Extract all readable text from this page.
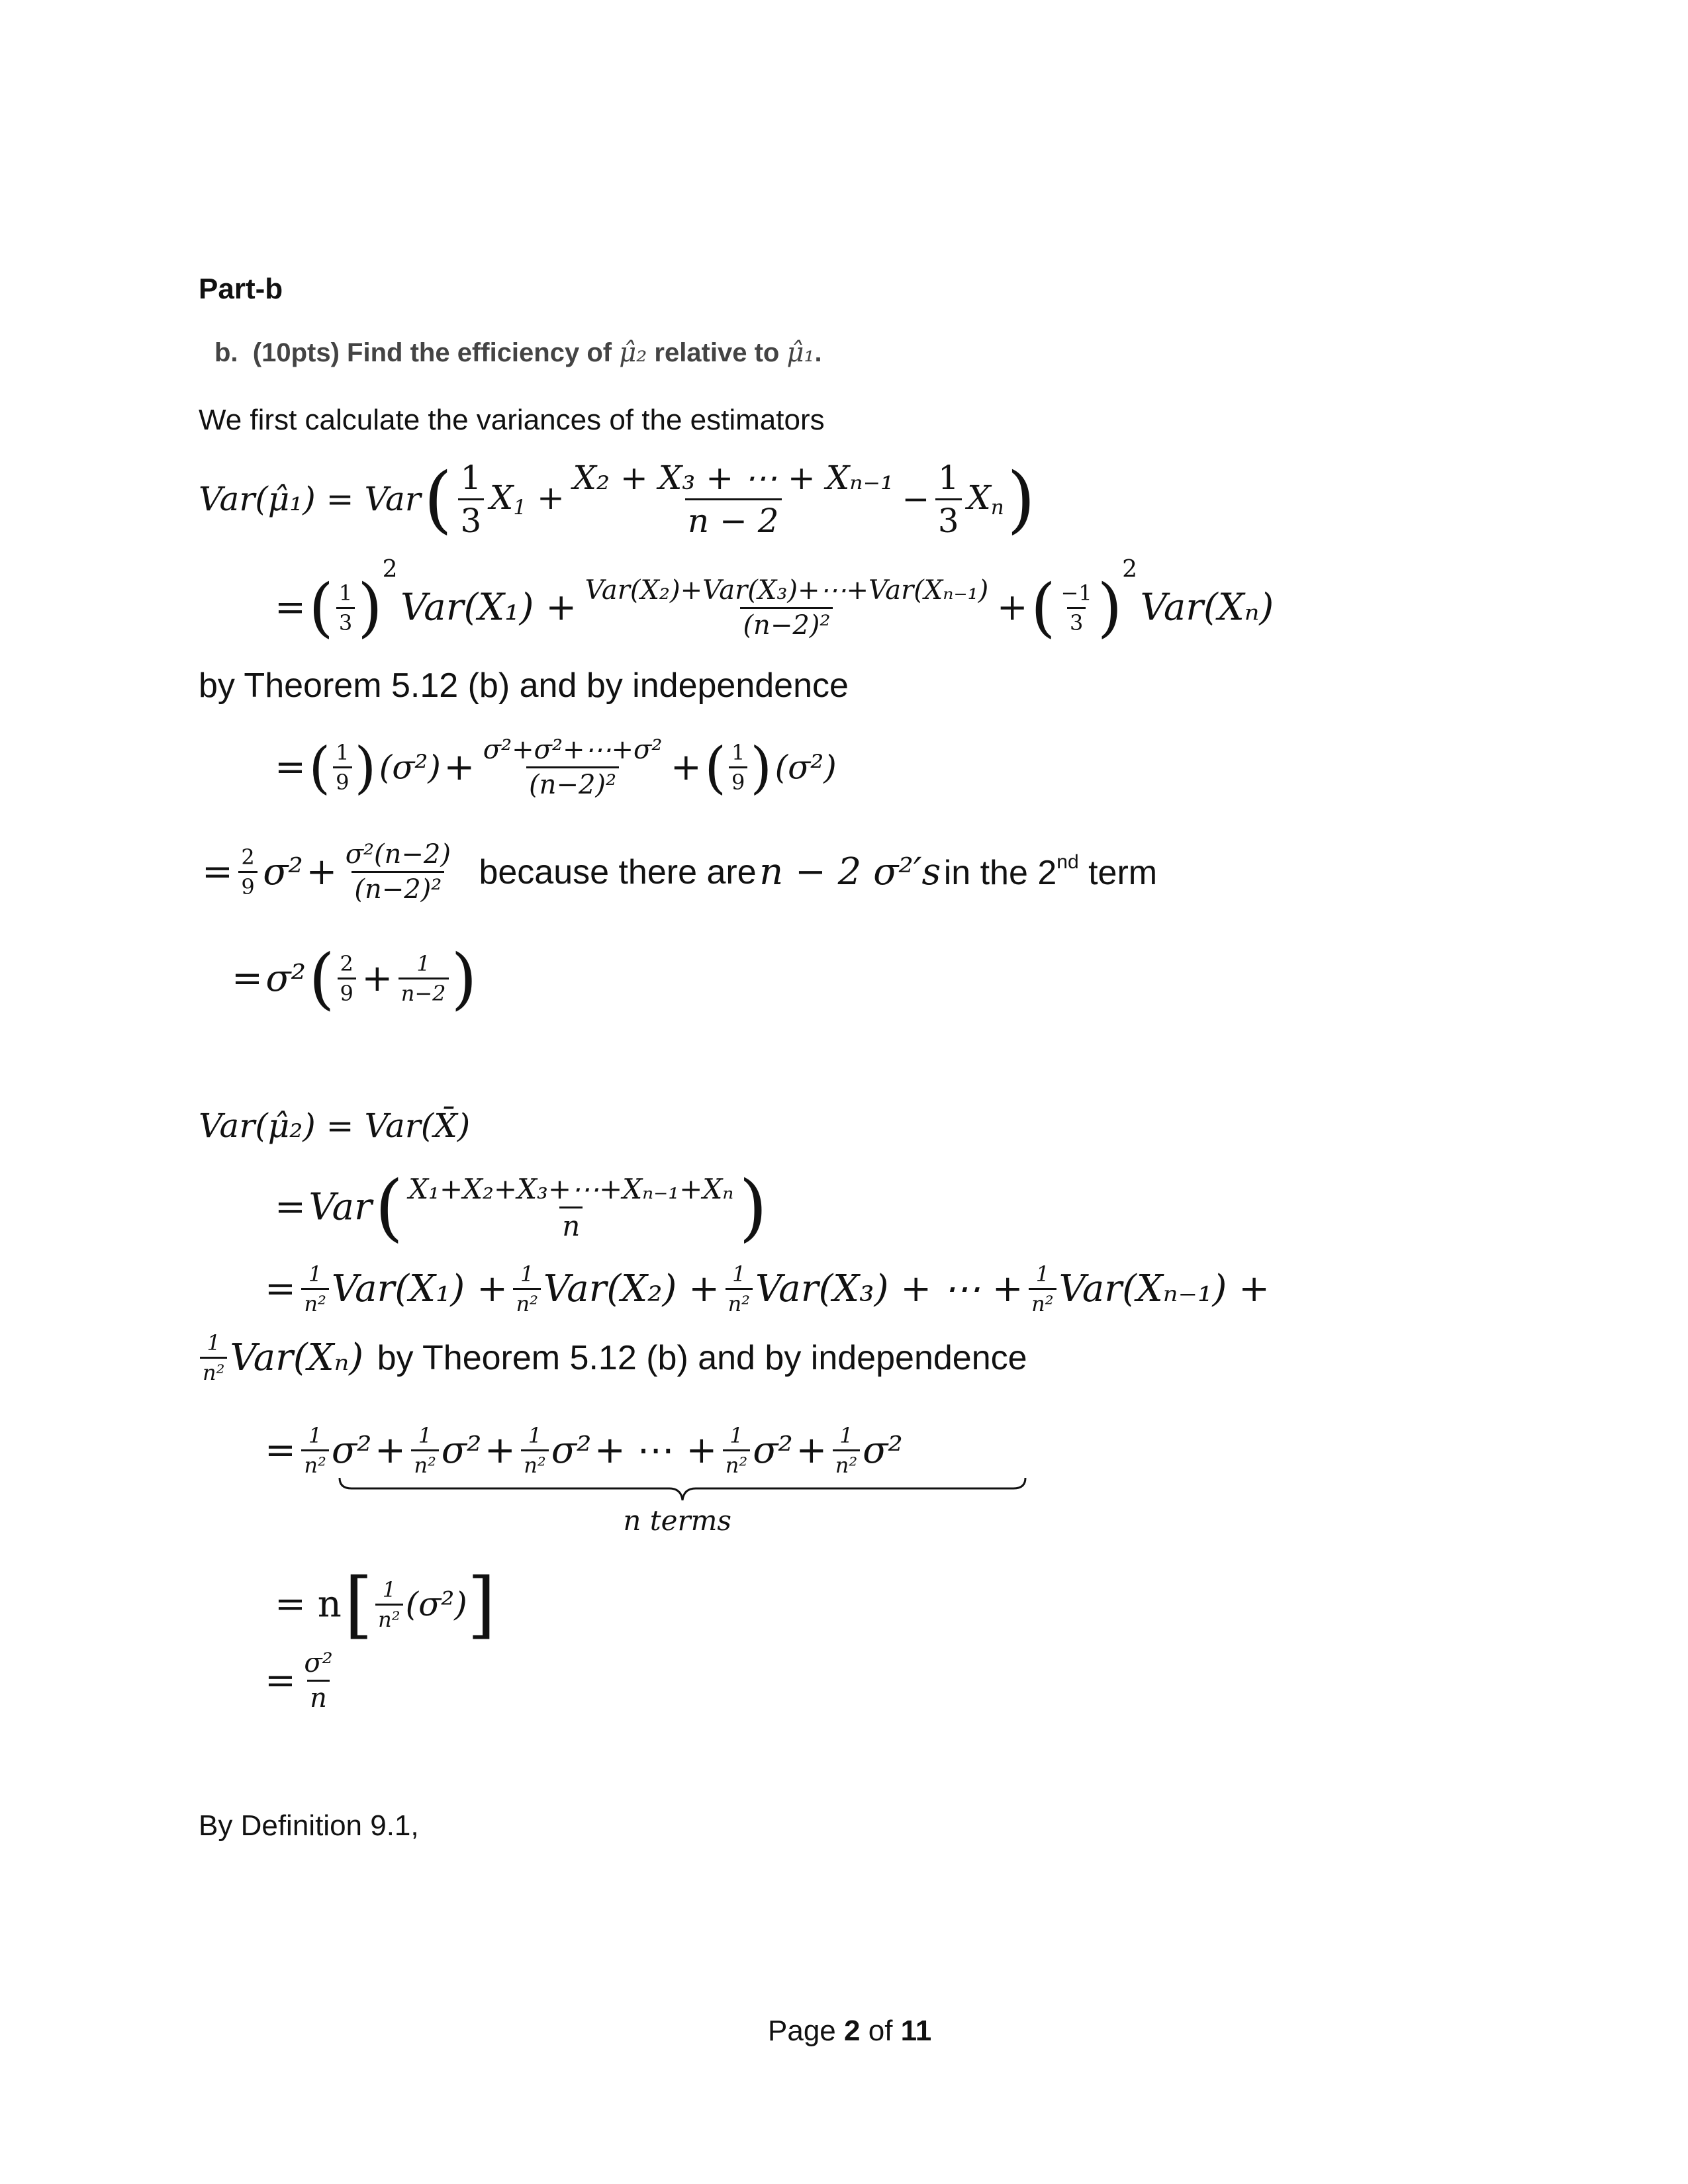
Part-b
b. (10pts) Find the efficiency of μ̂₂ relative to μ̂₁.
We first calculate the variances of the estimators
Var(μ̂₁) = Var ( $\frac{1}{3} X_1 + \frac{\text{X₂ + X₃ + ⋯ + Xₙ₋₁}}{n - 2} - \frac{1}{3} X_n$ )
= ( $\frac{1}{3} )^2$ $Var(X_1) + \frac{\text{Var(X₂)+Var(X₃)+⋯+Var(Xₙ₋₁)}}{\text{(n−2)²}}$ + ( $\frac{-1}{3} )^2$ Var(Xₙ)
by Theorem 5.12 (b) and by independence
= ( $\frac{1}{9}$ ) $(\sigma^2) + \frac{\text{σ²+σ²+⋯+σ²}}{\text{(n−2)²}}$ + ( $\frac{1}{9}$ ) (σ²)
= $\frac{2}{9} \sigma^2 + \frac{\text{σ²(n−2)}}{\text{(n−2)²}}$ because there are n − 2 σ²′s in the 2nd term
= σ² ( $\frac{2}{9} + \frac{1}{n-2}$ )
Var(μ̂₂) = Var(X̄)
= Var ( $\frac{\text{X₁+X₂+X₃+⋯+Xₙ₋₁+Xₙ}}{n}$ )
= $\frac{1}{\text{n²}} Var(X_1) + \frac{1}{\text{n²}} Var(X_2) + \frac{1}{\text{n²}} Var(X_3)$ + ⋯ + $\frac{1}{\text{n²}} Var(X_{n-1})$ +
$\frac{1}{\text{n²}} Var(X_n)$ by Theorem 5.12 (b) and by independence
= $\frac{1}{\text{n²}} \sigma^2 + \frac{1}{\text{n²}} \sigma^2 + \frac{1}{\text{n²}} \sigma^2$ + ⋯ + $\frac{1}{\text{n²}} \sigma^2 + \frac{1}{\text{n²}} \sigma^2$
n terms
= n [ $\frac{1}{\text{n²}} (\sigma^2)$]
= $\frac{\text{σ²}}{n}$
By Definition 9.1,
Page 2 of 11
